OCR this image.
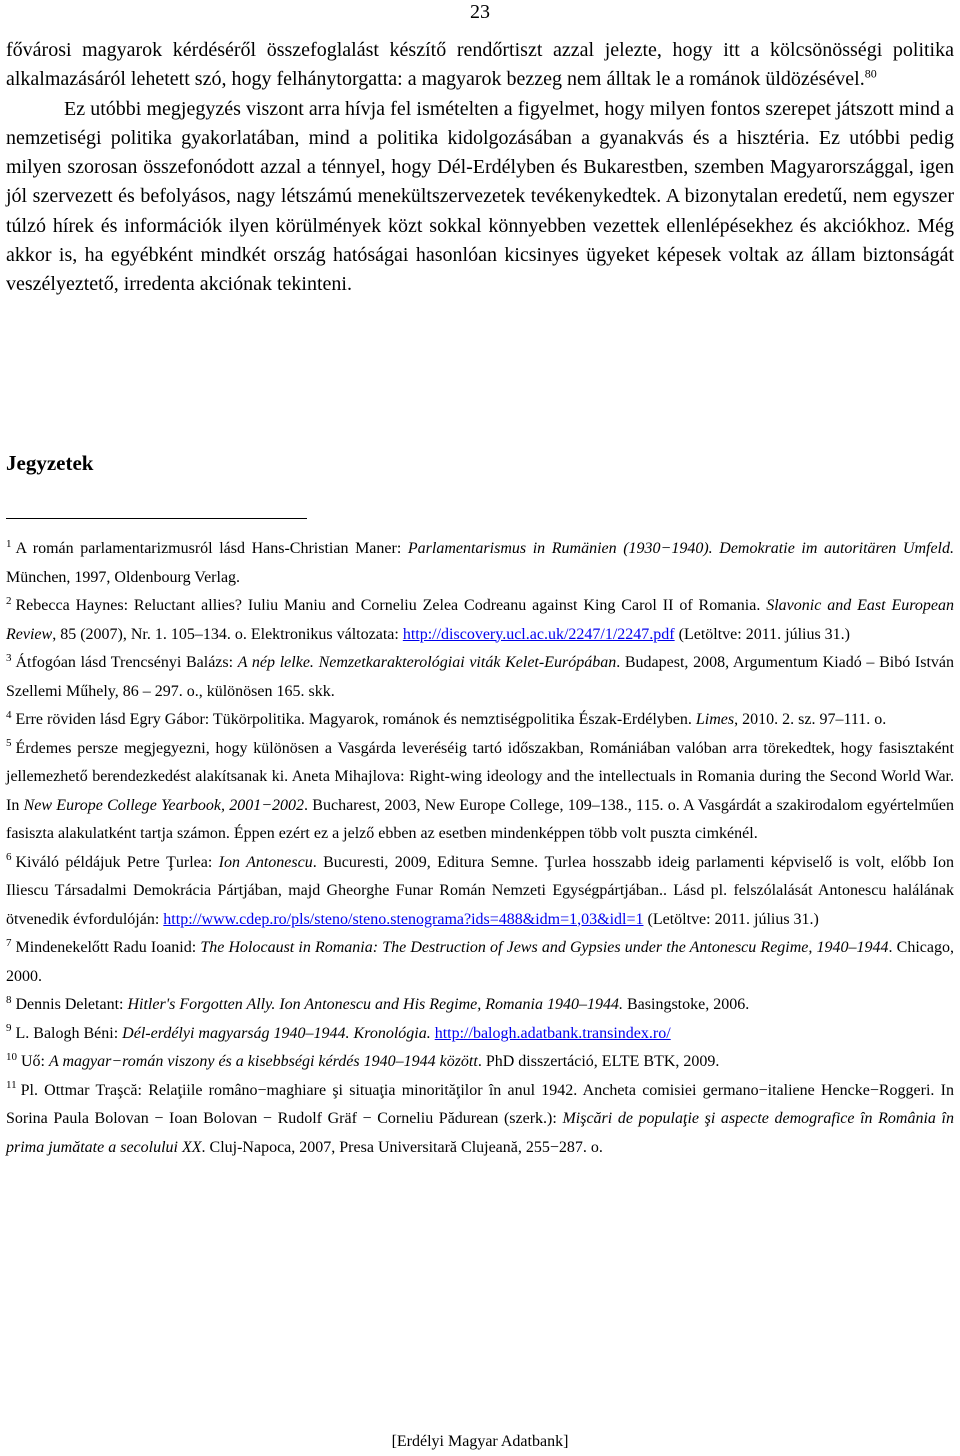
23

fővárosi magyarok kérdéséről összefoglalást készítő rendőrtiszt azzal jelezte, hogy itt a kölcsönösségi politika alkalmazásáról lehetett szó, hogy felhánytorgatta: a magyarok bezzeg nem álltak le a románok üldözésével.$^{80}$

Ez utóbbi megjegyzés viszont arra hívja fel ismételten a figyelmet, hogy milyen fontos szerepet játszott mind a nemzetiségi politika gyakorlatában, mind a politika kidolgozásában a gyanakvás és a hisztéria. Ez utóbbi pedig milyen szorosan összefonódott azzal a ténnyel, hogy Dél-Erdélyben és Bukarestben, szemben Magyarországgal, igen jól szervezett és befolyásos, nagy létszámú menekültszervezetek tevékenykedtek. A bizonytalan eredetű, nem egyszer túlzó hírek és információk ilyen körülmények közt sokkal könnyebben vezettek ellenlépésekhez és akciókhoz. Még akkor is, ha egyébként mindkét ország hatóságai hasonlóan kicsinyes ügyeket képesek voltak az állam biztonságát veszélyeztető, irredenta akciónak tekinteni.

Jegyzetek

$^1$ A román parlamentarizmusról lásd Hans-Christian Maner: Parlamentarismus in Rumänien (1930−1940). Demokratie im autoritären Umfeld. München, 1997, Oldenbourg Verlag.

$^2$ Rebecca Haynes: Reluctant allies? Iuliu Maniu and Corneliu Zelea Codreanu against King Carol II of Romania. Slavonic and East European Review, 85 (2007), Nr. 1. 105–134. o. Elektronikus változata: http://discovery.ucl.ac.uk/2247/1/2247.pdf (Letöltve: 2011. július 31.)

$^3$ Átfogóan lásd Trencsényi Balázs: A nép lelke. Nemzetkarakterológiai viták Kelet-Európában. Budapest, 2008, Argumentum Kiadó – Bibó István Szellemi Műhely, 86 – 297. o., különösen 165. skk.

$^4$ Erre röviden lásd Egry Gábor: Tükörpolitika. Magyarok, románok és nemztiségpolitika Észak-Erdélyben. Limes, 2010. 2. sz. 97–111. o.

$^5$ Érdemes persze megjegyezni, hogy különösen a Vasgárda leveréséig tartó időszakban, Romániában valóban arra törekedtek, hogy fasisztaként jellemezhető berendezkedést alakítsanak ki. Aneta Mihajlova: Right-wing ideology and the intellectuals in Romania during the Second World War. In New Europe College Yearbook, 2001−2002. Bucharest, 2003, New Europe College, 109–138., 115. o. A Vasgárdát a szakirodalom egyértelműen fasiszta alakulatként tartja számon. Éppen ezért ez a jelző ebben az esetben mindenképpen több volt puszta cimkénél.

$^6$ Kiváló példájuk Petre Ţurlea: Ion Antonescu. Bucuresti, 2009, Editura Semne. Ţurlea hosszabb ideig parlamenti képviselő is volt, előbb Ion Iliescu Társadalmi Demokrácia Pártjában, majd Gheorghe Funar Román Nemzeti Egységpártjában.. Lásd pl. felszólalását Antonescu halálának ötvenedik évfordulóján: http://www.cdep.ro/pls/steno/steno.stenograma?ids=488&idm=1,03&idl=1 (Letöltve: 2011. július 31.)

$^7$ Mindenekelőtt Radu Ioanid: The Holocaust in Romania: The Destruction of Jews and Gypsies under the Antonescu Regime, 1940–1944. Chicago, 2000.

$^8$ Dennis Deletant: Hitler's Forgotten Ally. Ion Antonescu and His Regime, Romania 1940–1944. Basingstoke, 2006.

$^9$ L. Balogh Béni: Dél-erdélyi magyarság 1940–1944. Kronológia. http://balogh.adatbank.transindex.ro/

$^{10}$ Uő: A magyar−román viszony és a kisebbségi kérdés 1940–1944 között. PhD disszertáció, ELTE BTK, 2009.

$^{11}$ Pl. Ottmar Traşcă: Relaţiile româno−maghiare şi situaţia minorităţilor în anul 1942. Ancheta comisiei germano−italiene Hencke−Roggeri. In Sorina Paula Bolovan − Ioan Bolovan − Rudolf Gräf − Corneliu Pădurean (szerk.): Mişcări de populaţie şi aspecte demografice în România în prima jumătate a secolului XX. Cluj-Napoca, 2007, Presa Universitară Clujeană, 255−287. o.

[Erdélyi Magyar Adatbank]
